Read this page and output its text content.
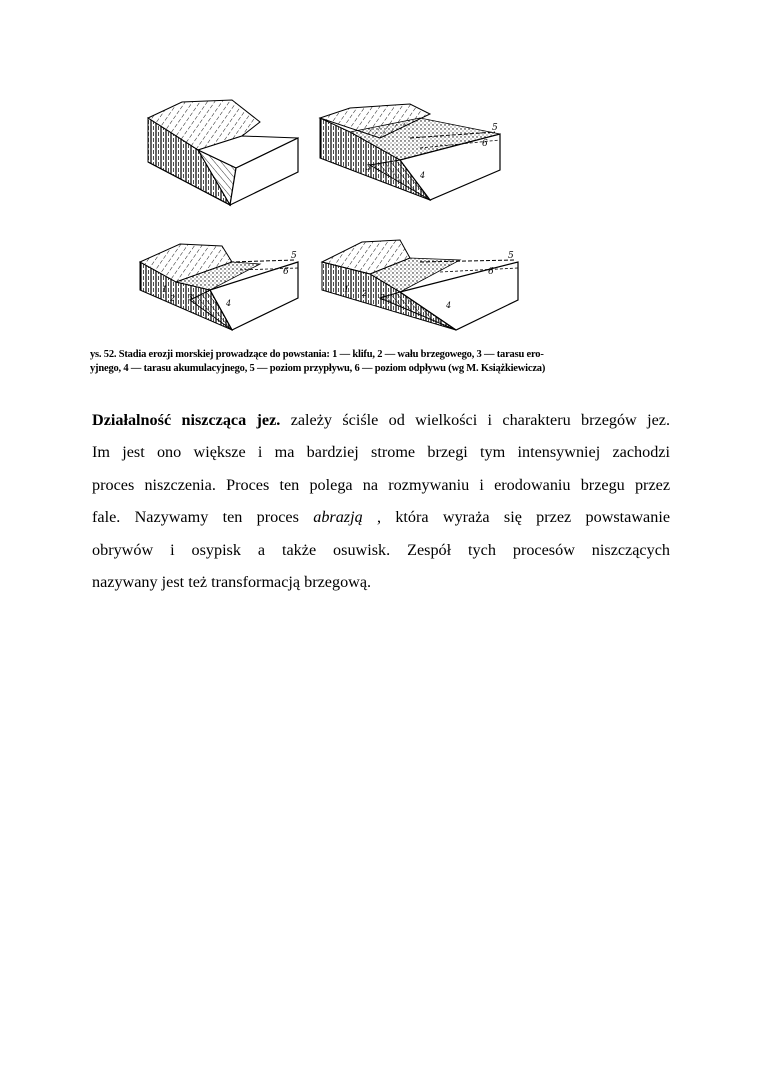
5
6
3
4
5
6
1
2 3
4
5
6
1 2 3
4
ys. 52. Stadia erozji morskiej prowadzące do powstania: 1 — klifu, 2 — wału brzegowego, 3 — tarasu ero-
yjnego, 4 — tarasu akumulacyjnego, 5 — poziom przypływu, 6 — poziom odpływu (wg M. Książkiewicza)
Działalność niszcząca jez. zależy ściśle od wielkości i charakteru brzegów jez.
Im jest ono większe i ma bardziej strome brzegi tym intensywniej zachodzi
proces niszczenia. Proces ten polega na rozmywaniu i erodowaniu brzegu przez
fale. Nazywamy ten proces abrazją , która wyraża się przez powstawanie
obrywów i osypisk a także osuwisk. Zespół tych procesów niszczących
nazywany jest też transformacją brzegową.
